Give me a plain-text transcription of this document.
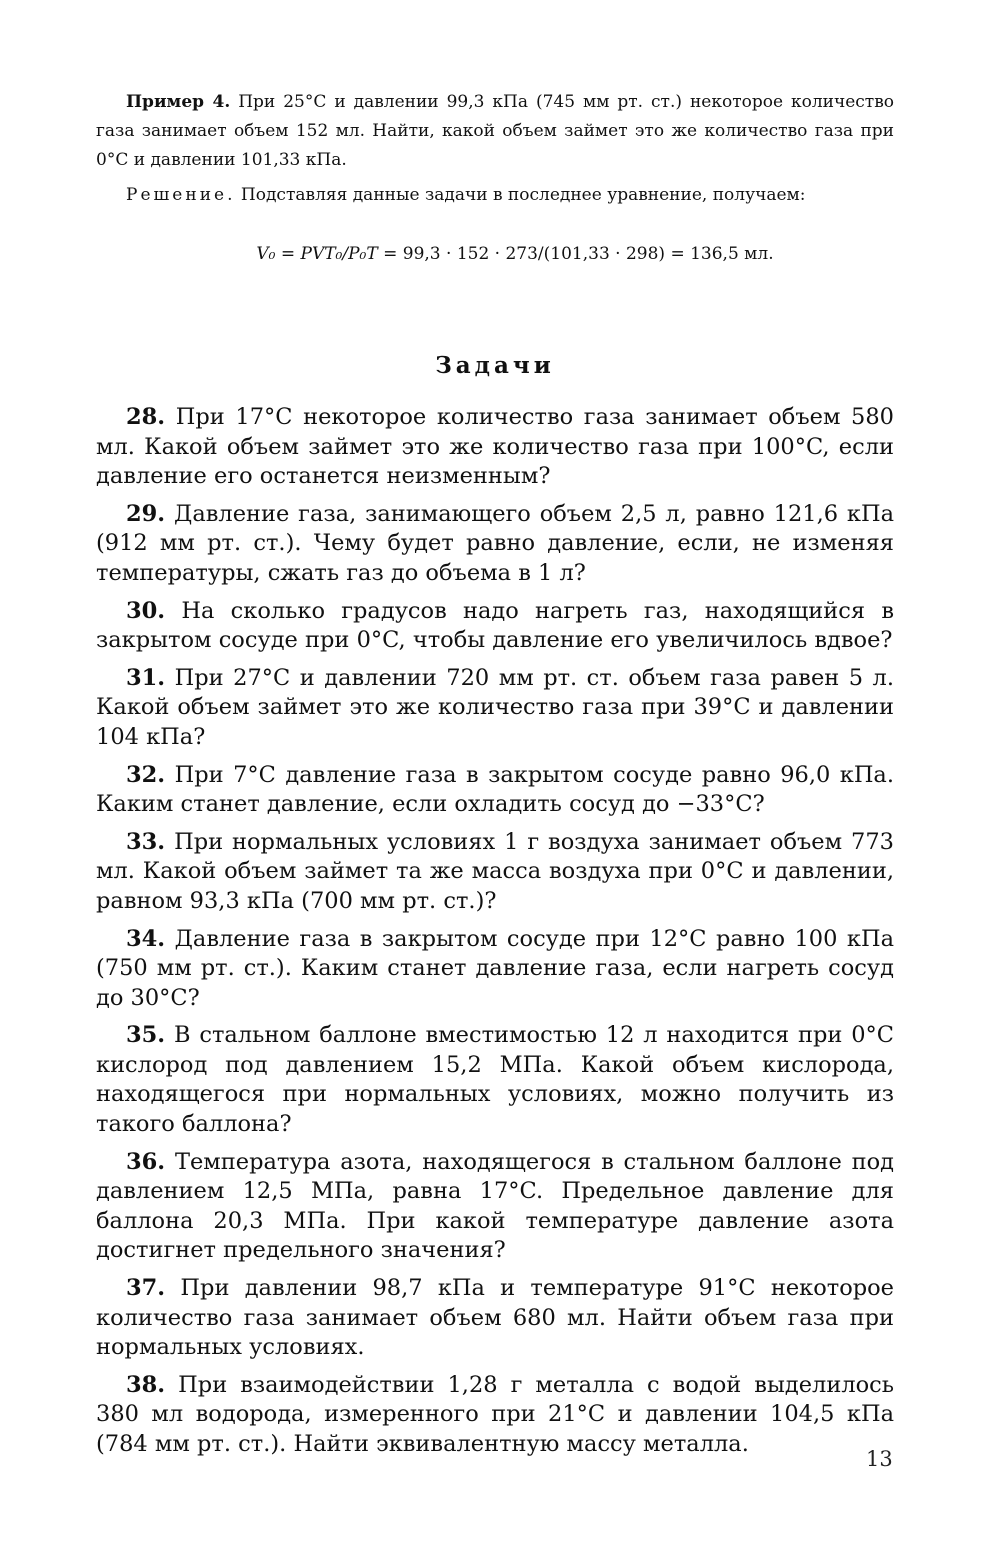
Пример 4. При 25°C и давлении 99,3 кПа (745 мм рт. ст.) некоторое количество газа занимает объем 152 мл. Найти, какой объем займет это же количество газа при 0°C и давлении 101,33 кПа.

Решение. Подставляя данные задачи в последнее уравнение, получаем:

V₀ = PVT₀/P₀T = 99,3 · 152 · 273/(101,33 · 298) = 136,5 мл.
Задачи

28. При 17°C некоторое количество газа занимает объем 580 мл. Какой объем займет это же количество газа при 100°C, если давление его останется неизменным?

29. Давление газа, занимающего объем 2,5 л, равно 121,6 кПа (912 мм рт. ст.). Чему будет равно давление, если, не изменяя температуры, сжать газ до объема в 1 л?

30. На сколько градусов надо нагреть газ, находящийся в закрытом сосуде при 0°C, чтобы давление его увеличилось вдвое?

31. При 27°C и давлении 720 мм рт. ст. объем газа равен 5 л. Какой объем займет это же количество газа при 39°C и давлении 104 кПа?

32. При 7°C давление газа в закрытом сосуде равно 96,0 кПа. Каким станет давление, если охладить сосуд до −33°C?

33. При нормальных условиях 1 г воздуха занимает объем 773 мл. Какой объем займет та же масса воздуха при 0°C и давлении, равном 93,3 кПа (700 мм рт. ст.)?

34. Давление газа в закрытом сосуде при 12°C равно 100 кПа (750 мм рт. ст.). Каким станет давление газа, если нагреть сосуд до 30°C?

35. В стальном баллоне вместимостью 12 л находится при 0°C кислород под давлением 15,2 МПа. Какой объем кислорода, находящегося при нормальных условиях, можно получить из такого баллона?

36. Температура азота, находящегося в стальном баллоне под давлением 12,5 МПа, равна 17°C. Предельное давление для баллона 20,3 МПа. При какой температуре давление азота достигнет предельного значения?

37. При давлении 98,7 кПа и температуре 91°C некоторое количество газа занимает объем 680 мл. Найти объем газа при нормальных условиях.

38. При взаимодействии 1,28 г металла с водой выделилось 380 мл водорода, измеренного при 21°C и давлении 104,5 кПа (784 мм рт. ст.). Найти эквивалентную массу металла.

13
